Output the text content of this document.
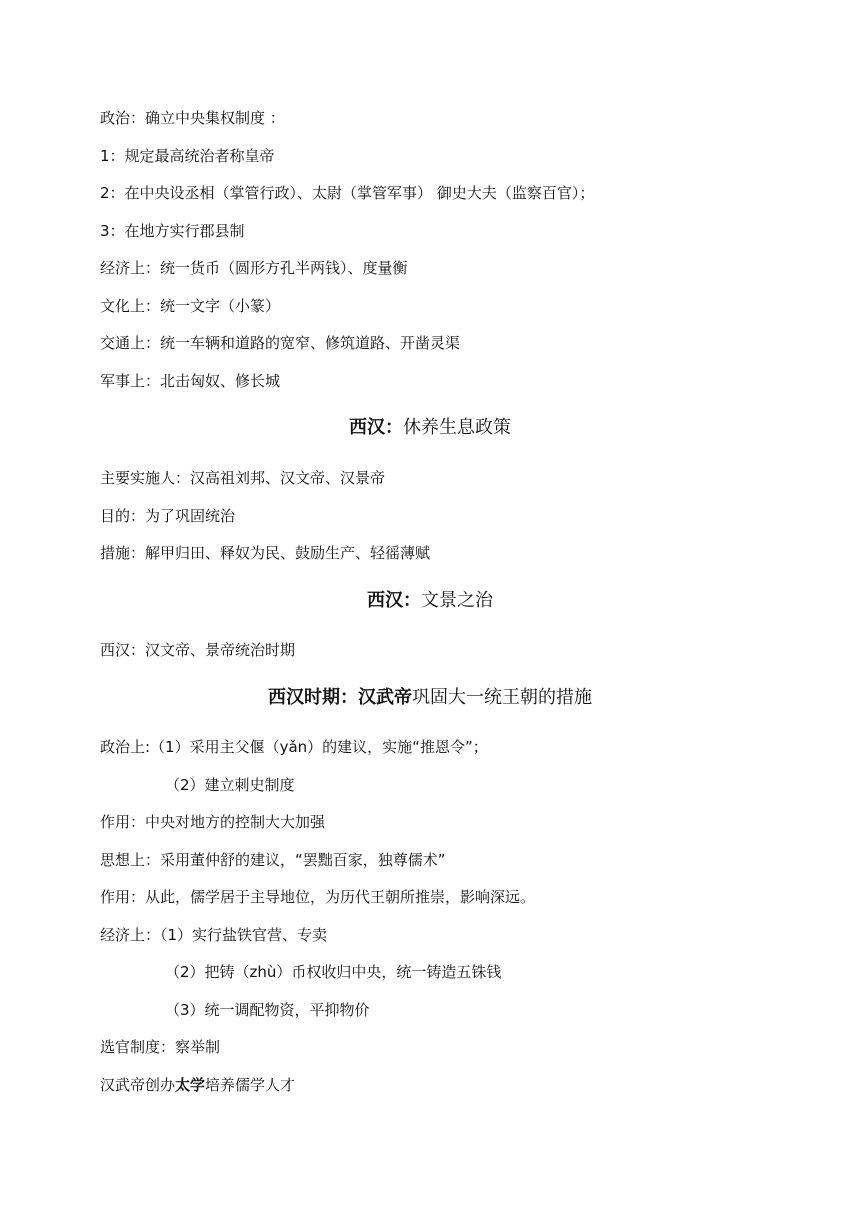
政治：确立中央集权制度 ：
1：规定最高统治者称皇帝
2：在中央设丞相（掌管行政）、太尉（掌管军事） 御史大夫（监察百官）；
3：在地方实行郡县制
经济上：统一货币（圆形方孔半两钱）、度量衡
文化上：统一文字（小篆）
交通上：统一车辆和道路的宽窄、修筑道路、开凿灵渠
军事上：北击匈奴、修长城
西汉：休养生息政策
主要实施人：汉高祖刘邦、汉文帝、汉景帝
目的：为了巩固统治
措施：解甲归田、释奴为民、鼓励生产、轻徭薄赋
西汉：文景之治
西汉：汉文帝、景帝统治时期
西汉时期：汉武帝巩固大一统王朝的措施
政治上:（1）采用主父偃（yǎn）的建议，实施“推恩令”；
（2）建立刺史制度
作用：中央对地方的控制大大加强
思想上：采用董仲舒的建议，“罢黜百家，独尊儒术”
作用：从此，儒学居于主导地位，为历代王朝所推崇，影响深远。
经济上：（1）实行盐铁官营、专卖
（2）把铸（zhù）币权收归中央，统一铸造五铢钱
（3）统一调配物资，平抑物价
选官制度：察举制
汉武帝创办太学培养儒学人才
